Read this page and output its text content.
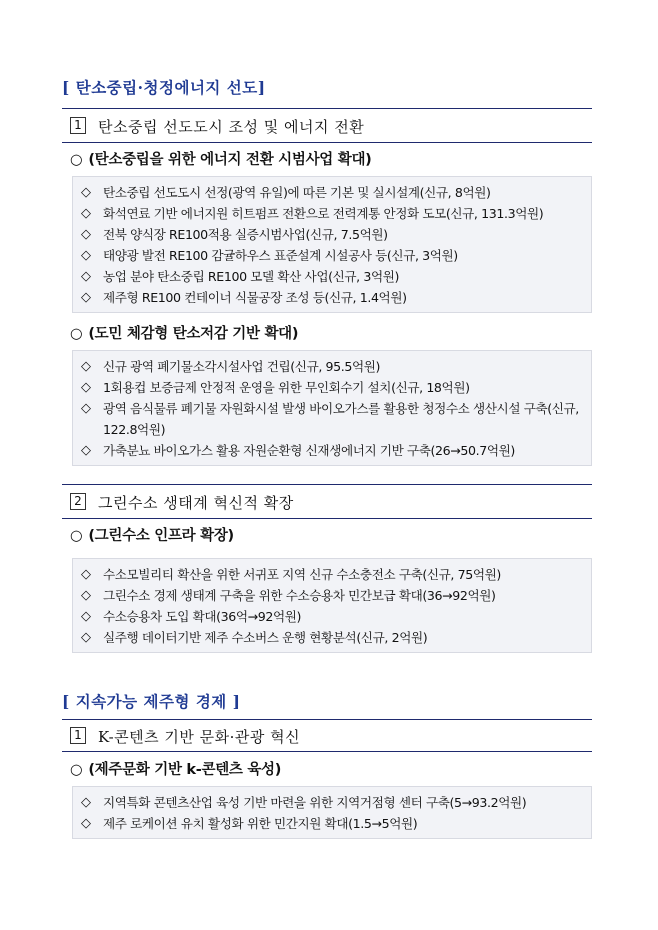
[ 탄소중립·청정에너지 선도]
1 탄소중립 선도도시 조성 및 에너지 전환
○ (탄소중립을 위한 에너지 전환 시범사업 확대)
◇ 탄소중립 선도도시 선정(광역 유일)에 따른 기본 및 실시설계(신규, 8억원)
◇ 화석연료 기반 에너지원 히트펌프 전환으로 전력계통 안정화 도모(신규, 131.3억원)
◇ 전북 양식장 RE100적용 실증시범사업(신규, 7.5억원)
◇ 태양광 발전 RE100 감귤하우스 표준설계 시설공사 등(신규, 3억원)
◇ 농업 분야 탄소중립 RE100 모델 확산 사업(신규, 3억원)
◇ 제주형 RE100 컨테이너 식물공장 조성 등(신규, 1.4억원)
○ (도민 체감형 탄소저감 기반 확대)
◇ 신규 광역 폐기물소각시설사업 건립(신규, 95.5억원)
◇ 1회용컵 보증금제 안정적 운영을 위한 무인회수기 설치(신규, 18억원)
◇ 광역 음식물류 폐기물 자원화시설 발생 바이오가스를 활용한 청정수소 생산시설 구축(신규, 122.8억원)
◇ 가축분뇨 바이오가스 활용 자원순환형 신재생에너지 기반 구축(26→50.7억원)
2 그린수소 생태계 혁신적 확장
○ (그린수소 인프라 확장)
◇ 수소모빌리티 확산을 위한 서귀포 지역 신규 수소충전소 구축(신규, 75억원)
◇ 그린수소 경제 생태계 구축을 위한 수소승용차 민간보급 확대(36→92억원)
◇ 수소승용차 도입 확대(36억→92억원)
◇ 실주행 데이터기반 제주 수소버스 운행 현황분석(신규, 2억원)
[ 지속가능 제주형 경제 ]
1 K-콘텐츠 기반 문화·관광 혁신
○ (제주문화 기반 k-콘텐츠 육성)
◇ 지역특화 콘텐츠산업 육성 기반 마련을 위한 지역거점형 센터 구축(5→93.2억원)
◇ 제주 로케이션 유치 활성화 위한 민간지원 확대(1.5→5억원)
